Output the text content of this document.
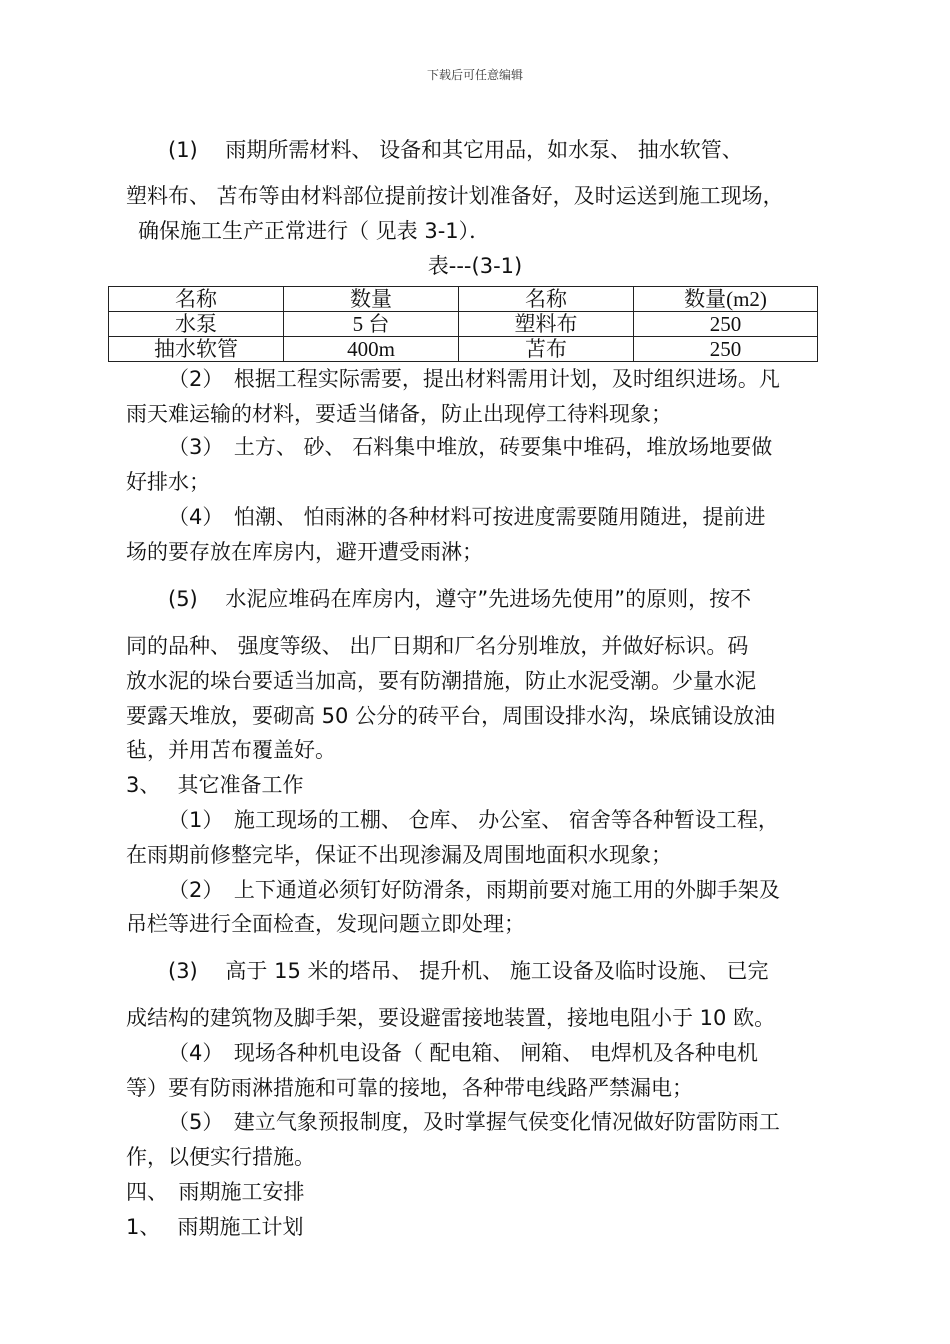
下载后可任意编辑
(1)　 雨期所需材料、 设备和其它用品，如水泵、 抽水软管、
塑料布、 苫布等由材料部位提前按计划准备好，及时运送到施工现场，
确保施工生产正常进行（ 见表 3-1）．
表---(3-1)
名称	数量	名称	数量(m2)
水泵	5 台	塑料布	250
抽水软管	400m	苫布	250
（2）　根据工程实际需要，提出材料需用计划，及时组织进场。凡
雨天难运输的材料，要适当储备，防止出现停工待料现象；
（3）　土方、 砂、 石料集中堆放，砖要集中堆码，堆放场地要做
好排水；
（4）　怕潮、 怕雨淋的各种材料可按进度需要随用随进，提前进
场的要存放在库房内，避开遭受雨淋；
(5)　 水泥应堆码在库房内，遵守”先进场先使用”的原则，按不
同的品种、 强度等级、 出厂日期和厂名分别堆放，并做好标识。码
放水泥的垛台要适当加高，要有防潮措施，防止水泥受潮。少量水泥
要露天堆放，要砌高 50 公分的砖平台，周围设排水沟，垛底铺设放油
毡，并用苫布覆盖好。
3、　 其它准备工作
（1）　施工现场的工棚、 仓库、 办公室、 宿舍等各种暂设工程，
在雨期前修整完毕，保证不出现渗漏及周围地面积水现象；
（2）　上下通道必须钉好防滑条，雨期前要对施工用的外脚手架及
吊栏等进行全面检查，发现问题立即处理；
(3)　 高于 15 米的塔吊、 提升机、 施工设备及临时设施、 已完
成结构的建筑物及脚手架，要设避雷接地装置，接地电阻小于 10 欧。
（4）　现场各种机电设备（ 配电箱、 闸箱、 电焊机及各种电机
等）要有防雨淋措施和可靠的接地，各种带电线路严禁漏电；
（5）　建立气象预报制度，及时掌握气侯变化情况做好防雷防雨工
作，以便实行措施。
四、　雨期施工安排
1、　 雨期施工计划
